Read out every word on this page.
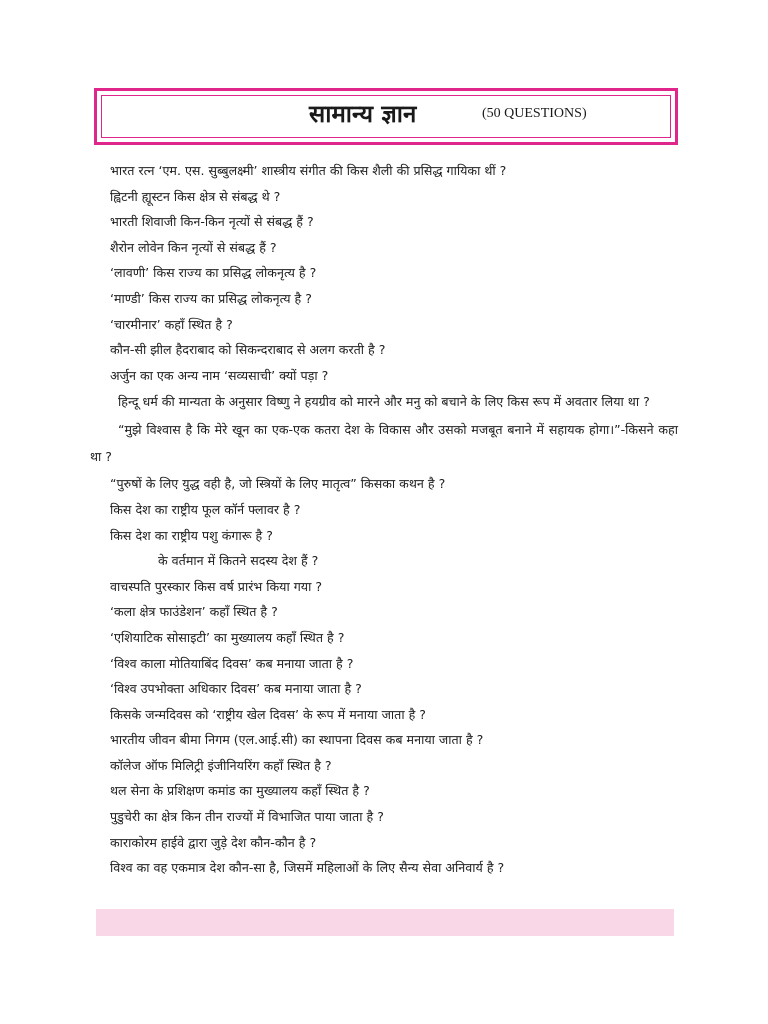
सामान्य ज्ञान	(50 QUESTIONS)
भारत रत्न ‘एम. एस. सुब्बुलक्ष्मी’ शास्त्रीय संगीत की किस शैली की प्रसिद्ध गायिका थीं ?
ह्विटनी ह्यूस्टन किस क्षेत्र से संबद्ध थे ?
भारती शिवाजी किन-किन नृत्यों से संबद्ध हैं ?
शैरोन लोवेन किन नृत्यों से संबद्ध हैं ?
‘लावणी’ किस राज्य का प्रसिद्ध लोकनृत्य है ?
‘माण्डी’ किस राज्य का प्रसिद्ध लोकनृत्य है ?
‘चारमीनार’ कहाँ स्थित है ?
कौन-सी झील हैदराबाद को सिकन्दराबाद से अलग करती है ?
अर्जुन का एक अन्य नाम ‘सव्यसाची’ क्यों पड़ा ?
हिन्दू धर्म की मान्यता के अनुसार विष्णु ने हयग्रीव को मारने और मनु को बचाने के लिए किस रूप में अवतार लिया था ?
“मुझे विश्वास है कि मेरे खून का एक-एक कतरा देश के विकास और उसको मजबूत बनाने में सहायक होगा।”-किसने कहा था ?
“पुरुषों के लिए युद्ध वही है, जो स्त्रियों के लिए मातृत्व” किसका कथन है ?
किस देश का राष्ट्रीय फूल कॉर्न फ्लावर है ?
किस देश का राष्ट्रीय पशु कंगारू है ?
के वर्तमान में कितने सदस्य देश हैं ?
वाचस्पति पुरस्कार किस वर्ष प्रारंभ किया गया ?
‘कला क्षेत्र फाउंडेशन’ कहाँ स्थित है ?
‘एशियाटिक सोसाइटी’ का मुख्यालय कहाँ स्थित है ?
‘विश्व काला मोतियाबिंद दिवस’ कब मनाया जाता है ?
‘विश्व उपभोक्ता अधिकार दिवस’ कब मनाया जाता है ?
किसके जन्मदिवस को ‘राष्ट्रीय खेल दिवस’ के रूप में मनाया जाता है ?
भारतीय जीवन बीमा निगम (एल.आई.सी) का स्थापना दिवस कब मनाया जाता है ?
कॉलेज ऑफ मिलिट्री इंजीनियरिंग कहाँ स्थित है ?
थल सेना के प्रशिक्षण कमांड का मुख्यालय कहाँ स्थित है ?
पुडुचेरी का क्षेत्र किन तीन राज्यों में विभाजित पाया जाता है ?
काराकोरम हाईवे द्वारा जुड़े देश कौन-कौन है ?
विश्व का वह एकमात्र देश कौन-सा है, जिसमें महिलाओं के लिए सैन्य सेवा अनिवार्य है ?
